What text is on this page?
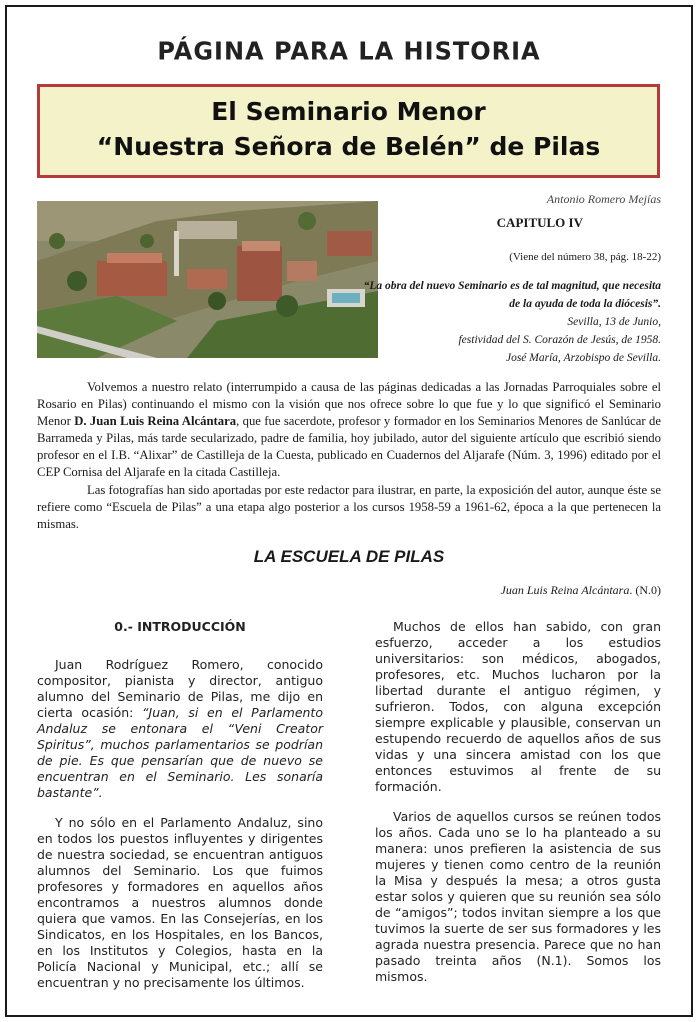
PÁGINA PARA LA HISTORIA
El Seminario Menor
“Nuestra Señora de Belén” de Pilas
Antonio Romero Mejías
CAPITULO IV
(Viene del número 38, pág. 18-22)
“La obra del nuevo Seminario es de tal magnitud, que necesita de la ayuda de toda la diócesis”.
Sevilla, 13 de Junio,
festividad del S. Corazón de Jesús, de 1958.
José María, Arzobispo de Sevilla.
Volvemos a nuestro relato (interrumpido a causa de las páginas dedicadas a las Jornadas Parroquiales sobre el Rosario en Pilas) continuando el mismo con la visión que nos ofrece sobre lo que fue y lo que significó el Seminario Menor D. Juan Luis Reina Alcántara, que fue sacerdote, profesor y formador en los Seminarios Menores de Sanlúcar de Barrameda y Pilas, más tarde secularizado, padre de familia, hoy jubilado, autor del siguiente artículo que escribió siendo profesor en el I.B. “Alixar” de Castilleja de la Cuesta, publicado en Cuadernos del Aljarafe (Núm. 3, 1996) editado por el CEP Cornisa del Aljarafe en la citada Castilleja.
Las fotografías han sido aportadas por este redactor para ilustrar, en parte, la exposición del autor, aunque éste se refiere como “Escuela de Pilas” a una etapa algo posterior a los cursos 1958-59 a 1961-62, época a la que pertenecen la mismas.
LA ESCUELA DE PILAS
Juan Luis Reina Alcántara. (N.0)
0.- INTRODUCCIÓN

Juan Rodríguez Romero, conocido compositor, pianista y director, antiguo alumno del Seminario de Pilas, me dijo en cierta ocasión: “Juan, si en el Parlamento Andaluz se entonara el “Veni Creator Spiritus”, muchos parlamentarios se podrían de pie. Es que pensarían que de nuevo se encuentran en el Seminario. Les sonaría bastante”.

Y no sólo en el Parlamento Andaluz, sino en todos los puestos influyentes y dirigentes de nuestra sociedad, se encuentran antiguos alumnos del Seminario. Los que fuimos profesores y formadores en aquellos años encontramos a nuestros alumnos donde quiera que vamos. En las Consejerías, en los Sindicatos, en los Hospitales, en los Bancos, en los Institutos y Colegios, hasta en la Policía Nacional y Municipal, etc.; allí se encuentran y no precisamente los últimos.

Muchos de ellos han sabido, con gran esfuerzo, acceder a los estudios universitarios: son médicos, abogados, profesores, etc. Muchos lucharon por la libertad durante el antiguo régimen, y sufrieron. Todos, con alguna excepción siempre explicable y plausible, conservan un estupendo recuerdo de aquellos años de sus vidas y una sincera amistad con los que entonces estuvimos al frente de su formación.

Varios de aquellos cursos se reúnen todos los años. Cada uno se lo ha planteado a su manera: unos prefieren la asistencia de sus mujeres y tienen como centro de la reunión la Misa y después la mesa; a otros gusta estar solos y quieren que su reunión sea sólo de “amigos”; todos invitan siempre a los que tuvimos la suerte de ser sus formadores y les agrada nuestra presencia. Parece que no han pasado treinta años (N.1). Somos los mismos.
